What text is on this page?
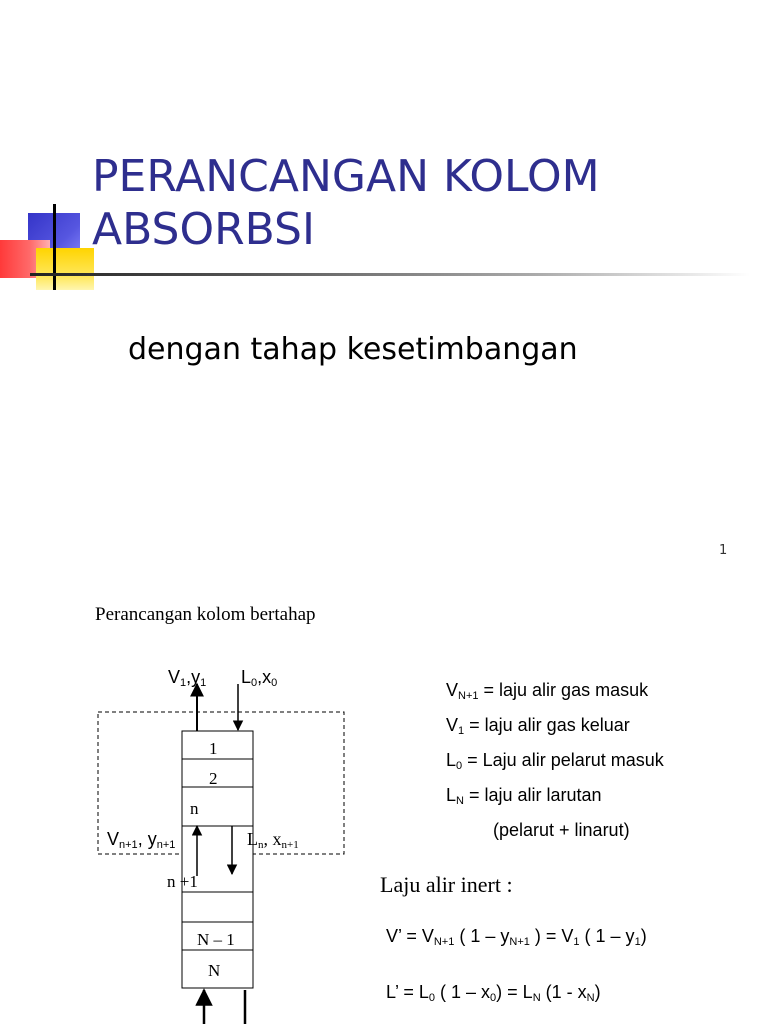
PERANCANGAN KOLOM
ABSORBSI
dengan tahap kesetimbangan
1
Perancangan kolom bertahap
$V_1,y_1$ $L_0,x_0$
$V_{n+1}$, $y_{n+1}$	$L_n$, $x_{n+1}$
1
2
n
n +1
N – 1
N
$V_{N+1}$ = laju alir gas masuk
$V_1$ = laju alir gas keluar
$L_0$ = Laju alir pelarut masuk
$L_N$ = laju alir larutan
(pelarut + linarut)
Laju alir inert :
V’ = $V_{N+1}$ ( $1 - y_{N+1}$ ) = $V_1$ ( $1 - y_1$)
L’ = $L_0$ ( $1 - x_0) = L_N$ $(1 - x_N)$
